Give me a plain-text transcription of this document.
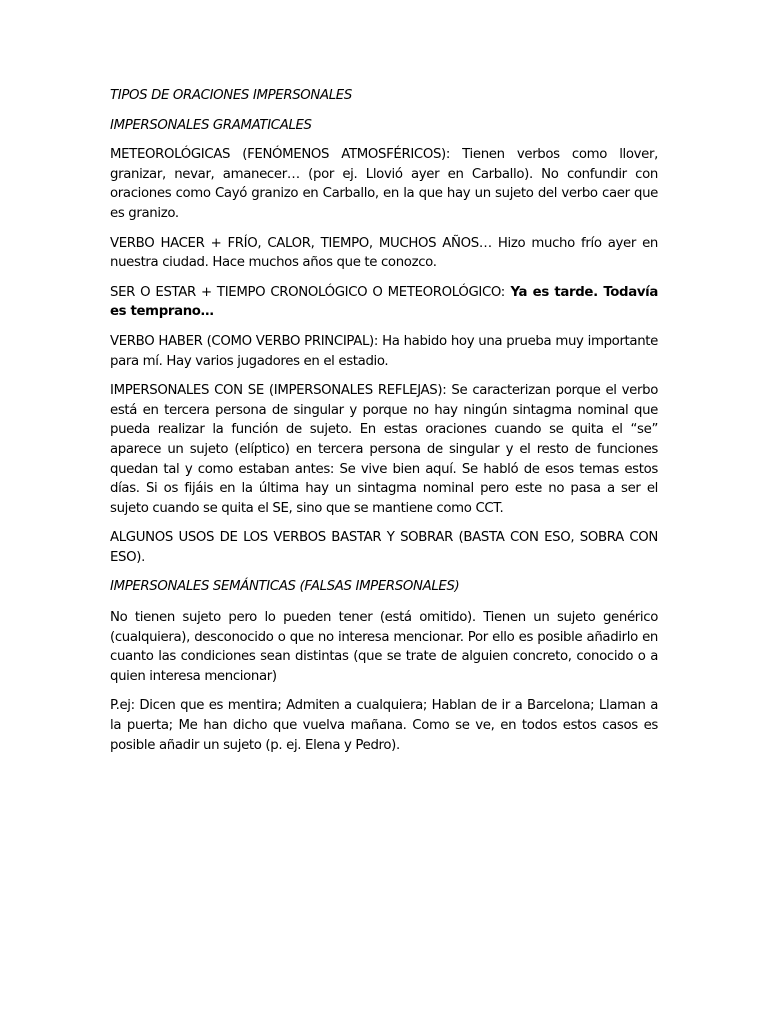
TIPOS DE ORACIONES IMPERSONALES

IMPERSONALES GRAMATICALES

METEOROLÓGICAS (FENÓMENOS ATMOSFÉRICOS): Tienen verbos como llover, granizar, nevar, amanecer… (por ej. Llovió ayer en Carballo). No confundir con oraciones como Cayó granizo en Carballo, en la que hay un sujeto del verbo caer que es granizo.

VERBO HACER + FRÍO, CALOR, TIEMPO, MUCHOS AÑOS… Hizo mucho frío ayer en nuestra ciudad. Hace muchos años que te conozco.

SER O ESTAR + TIEMPO CRONOLÓGICO O METEOROLÓGICO: Ya es tarde. Todavía es temprano…

VERBO HABER (COMO VERBO PRINCIPAL): Ha habido hoy una prueba muy importante para mí. Hay varios jugadores en el estadio.

IMPERSONALES CON SE (IMPERSONALES REFLEJAS): Se caracterizan porque el verbo está en tercera persona de singular y porque no hay ningún sintagma nominal que pueda realizar la función de sujeto. En estas oraciones cuando se quita el “se” aparece un sujeto (elíptico) en tercera persona de singular y el resto de funciones quedan tal y como estaban antes: Se vive bien aquí. Se habló de esos temas estos días. Si os fijáis en la última hay un sintagma nominal pero este no pasa a ser el sujeto cuando se quita el SE, sino que se mantiene como CCT.

ALGUNOS USOS DE LOS VERBOS BASTAR Y SOBRAR (BASTA CON ESO, SOBRA CON ESO).

IMPERSONALES SEMÁNTICAS (FALSAS IMPERSONALES)

No tienen sujeto pero lo pueden tener (está omitido). Tienen un sujeto genérico (cualquiera), desconocido o que no interesa mencionar. Por ello es posible añadirlo en cuanto las condiciones sean distintas (que se trate de alguien concreto, conocido o a quien interesa mencionar)

P.ej: Dicen que es mentira; Admiten a cualquiera; Hablan de ir a Barcelona; Llaman a la puerta; Me han dicho que vuelva mañana. Como se ve, en todos estos casos es posible añadir un sujeto (p. ej. Elena y Pedro).
